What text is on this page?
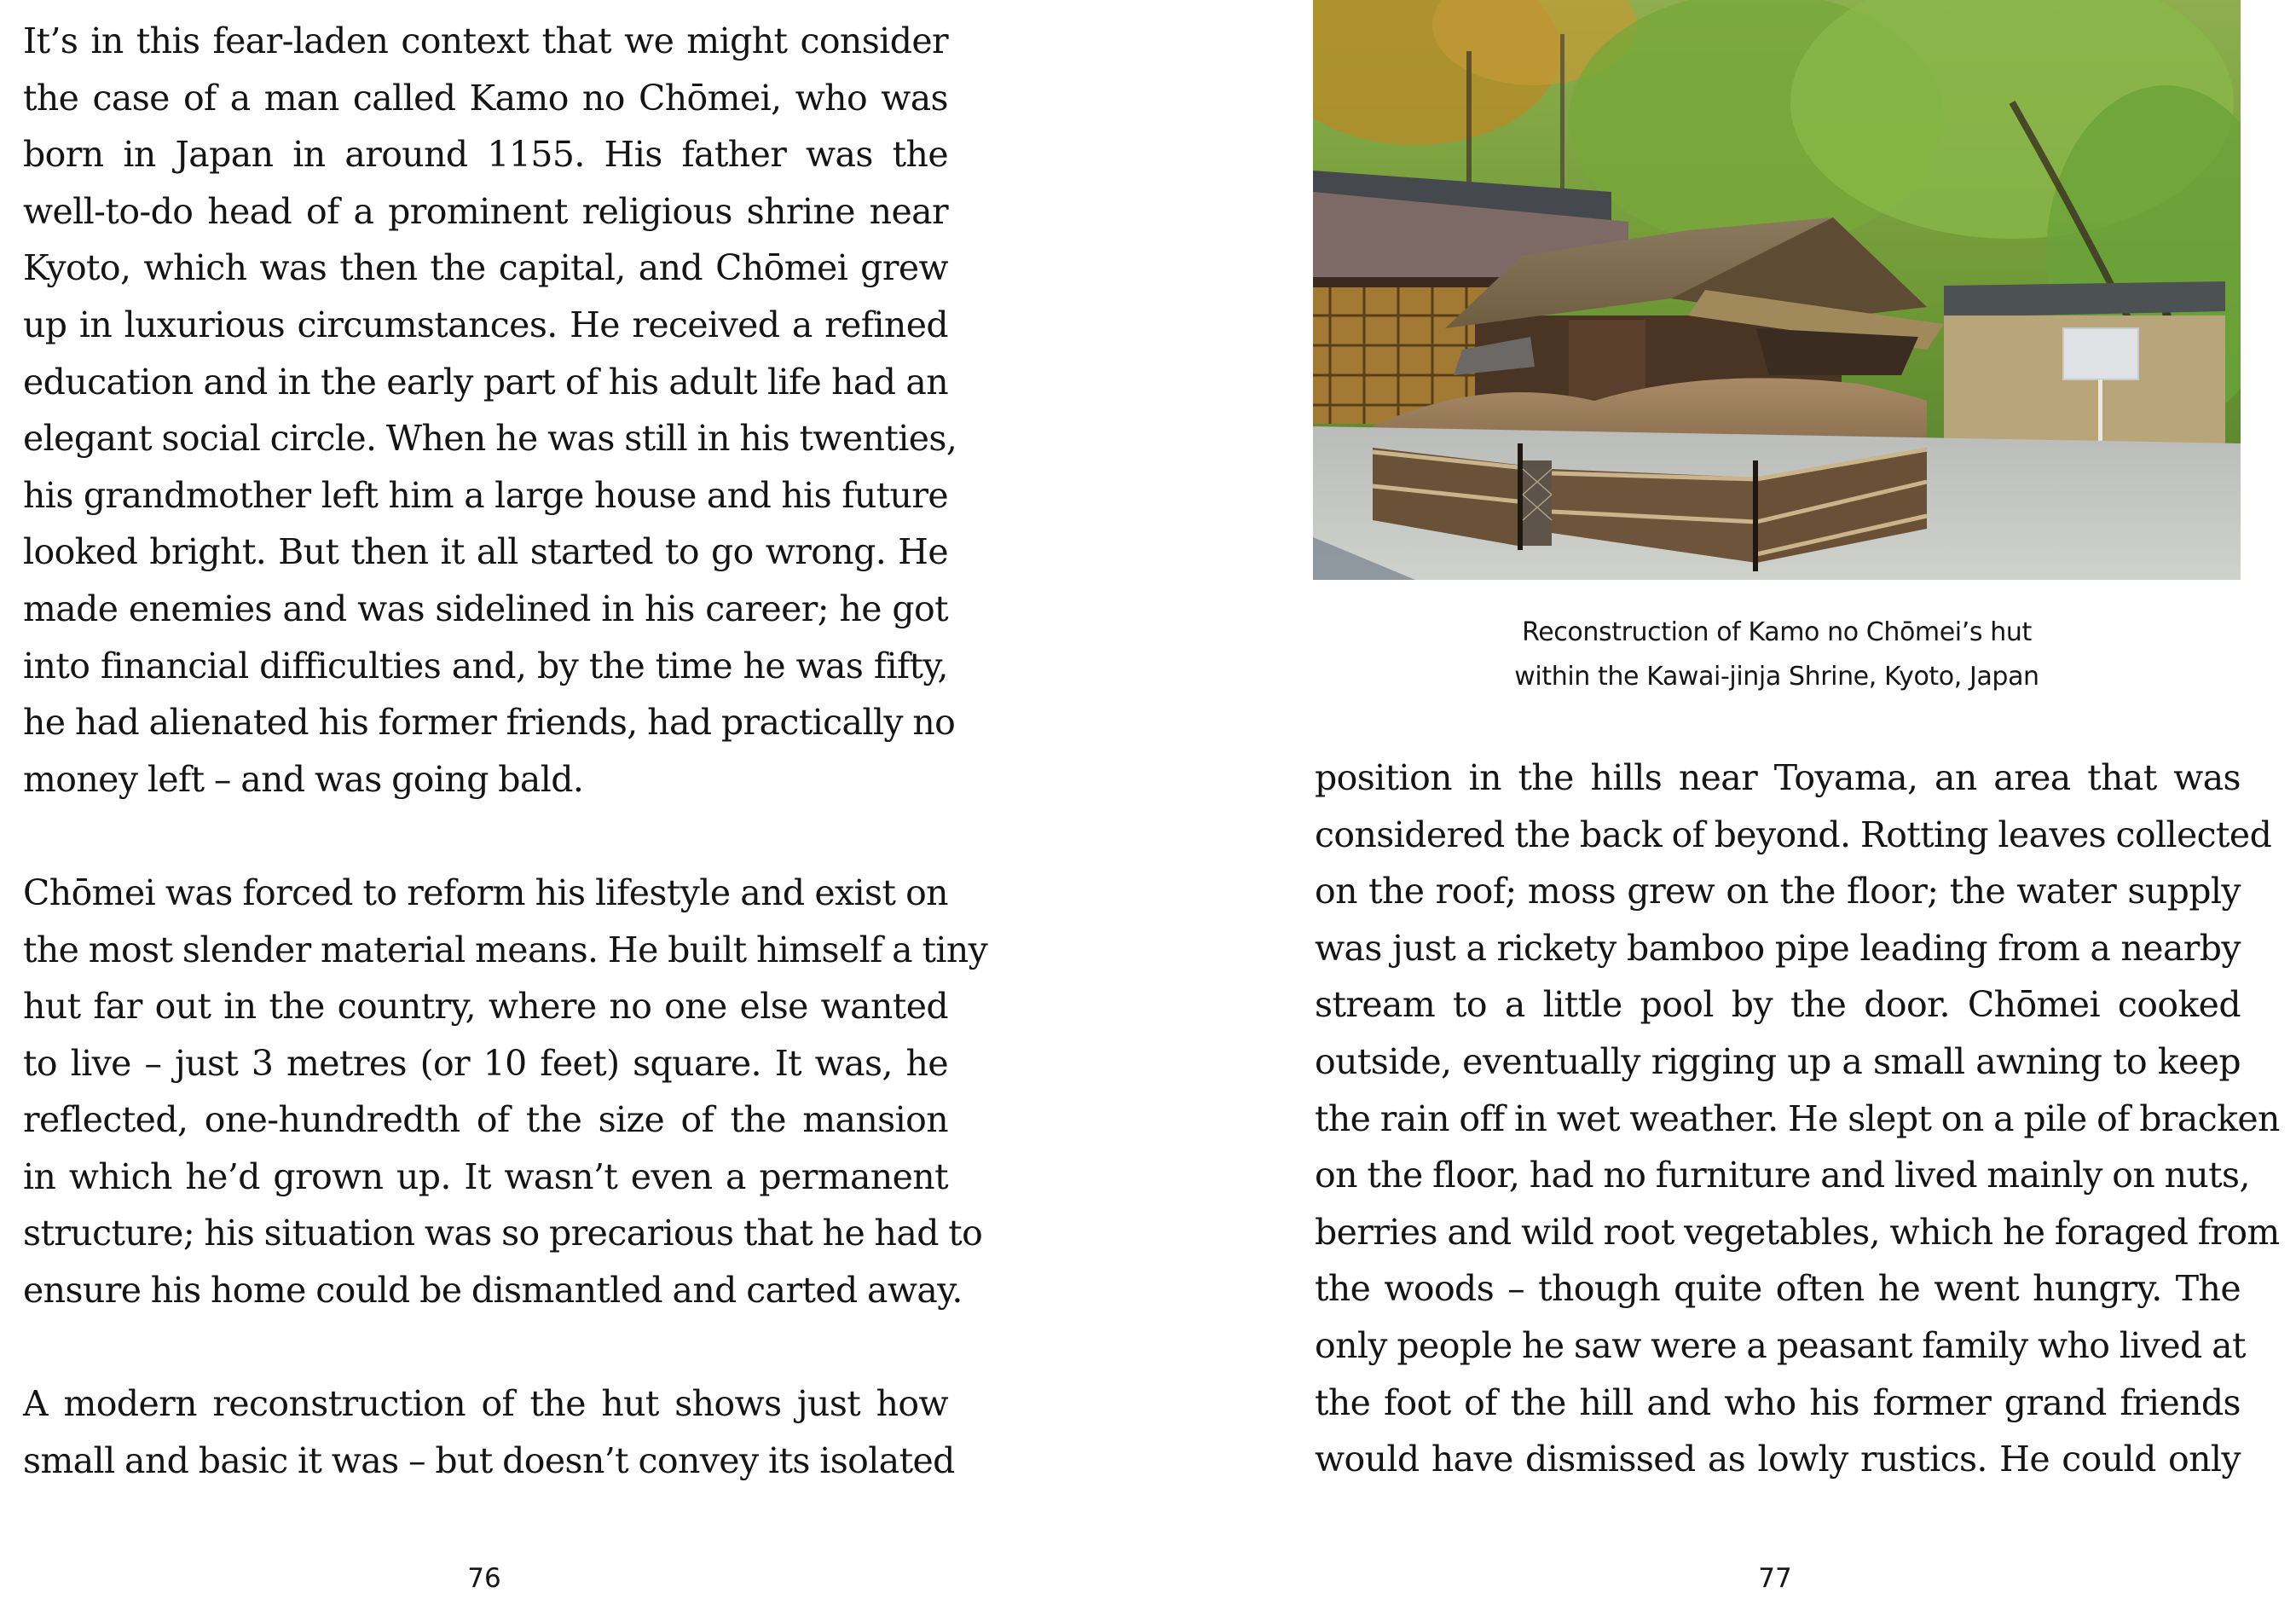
It’s in this fear-laden context that we might consider
the case of a man called Kamo no Chōmei, who was
born in Japan in around 1155. His father was the
well-to-do head of a prominent religious shrine near
Kyoto, which was then the capital, and Chōmei grew
up in luxurious circumstances. He received a refined
education and in the early part of his adult life had an
elegant social circle. When he was still in his twenties,
his grandmother left him a large house and his future
looked bright. But then it all started to go wrong. He
made enemies and was sidelined in his career; he got
into financial difficulties and, by the time he was fifty,
he had alienated his former friends, had practically no
money left – and was going bald.

Chōmei was forced to reform his lifestyle and exist on
the most slender material means. He built himself a tiny
hut far out in the country, where no one else wanted
to live – just 3 metres (or 10 feet) square. It was, he
reflected, one-hundredth of the size of the mansion
in which he’d grown up. It wasn’t even a permanent
structure; his situation was so precarious that he had to
ensure his home could be dismantled and carted away.

A modern reconstruction of the hut shows just how
small and basic it was – but doesn’t convey its isolated

76
Reconstruction of Kamo no Chōmei’s hut
within the Kawai-jinja Shrine, Kyoto, Japan

position in the hills near Toyama, an area that was
considered the back of beyond. Rotting leaves collected
on the roof; moss grew on the floor; the water supply
was just a rickety bamboo pipe leading from a nearby
stream to a little pool by the door. Chōmei cooked
outside, eventually rigging up a small awning to keep
the rain off in wet weather. He slept on a pile of bracken
on the floor, had no furniture and lived mainly on nuts,
berries and wild root vegetables, which he foraged from
the woods – though quite often he went hungry. The
only people he saw were a peasant family who lived at
the foot of the hill and who his former grand friends
would have dismissed as lowly rustics. He could only

77
